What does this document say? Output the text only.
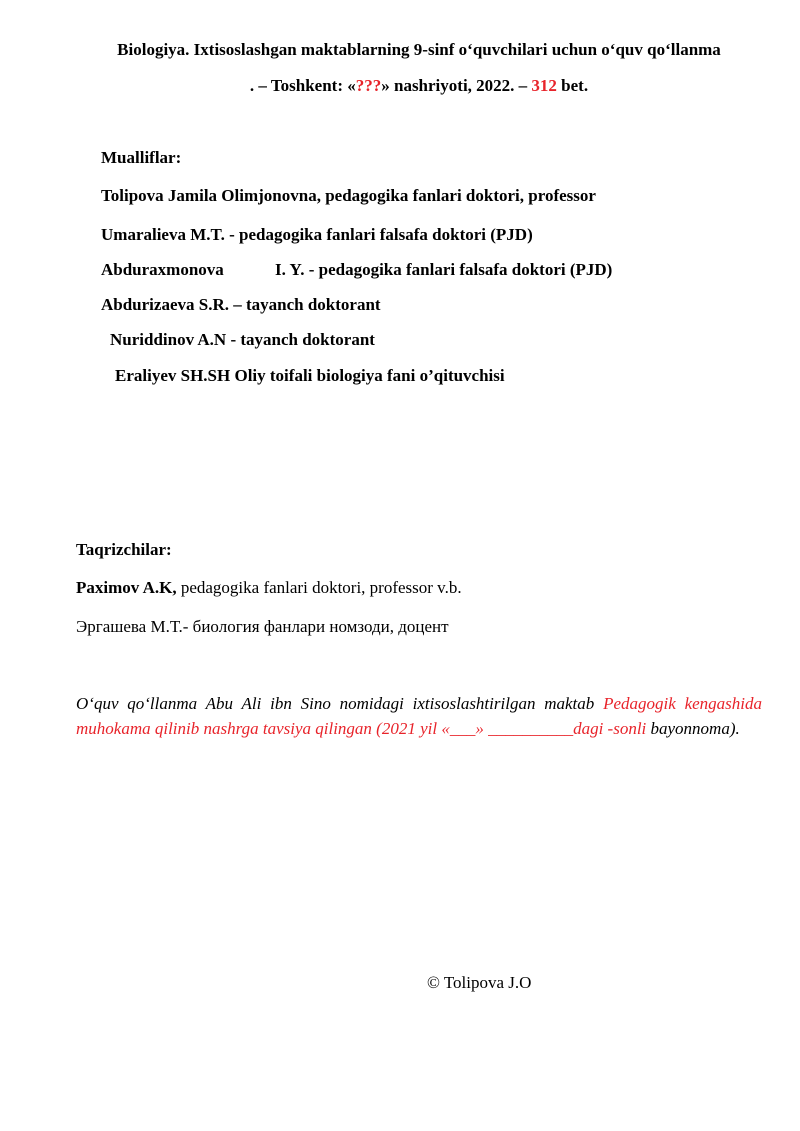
Biologiya. Ixtisoslashgan maktablarning 9-sinf oʻquvchilari uchun oʻquv qoʻllanma
. – Toshkent: «???» nashriyoti, 2022. – 312 bet.
Mualliflar:
Tolipova Jamila Olimjonovna, pedagogika fanlari doktori, professor
Umaralieva M.T. - pedagogika fanlari falsafa doktori (PJD)
Abduraxmonova	I. Y. - pedagogika fanlari falsafa doktori (PJD)
Abdurizaeva S.R. – tayanch doktorant
Nuriddinov A.N - tayanch doktorant
Eraliyev SH.SH Oliy toifali biologiya fani o’qituvchisi
Taqrizchilar:
Paximov A.K, pedagogika fanlari doktori, professor v.b.
Эргашева М.Т.- биология фанлари номзоди, доцент
Oʻquv qoʻllanma Abu Ali ibn Sino nomidagi ixtisoslashtirilgan maktab Pedagogik kengashida muhokama qilinib nashrga tavsiya qilingan (2021 yil «___» __________dagi -sonli bayonnoma).
© Tolipova J.O
